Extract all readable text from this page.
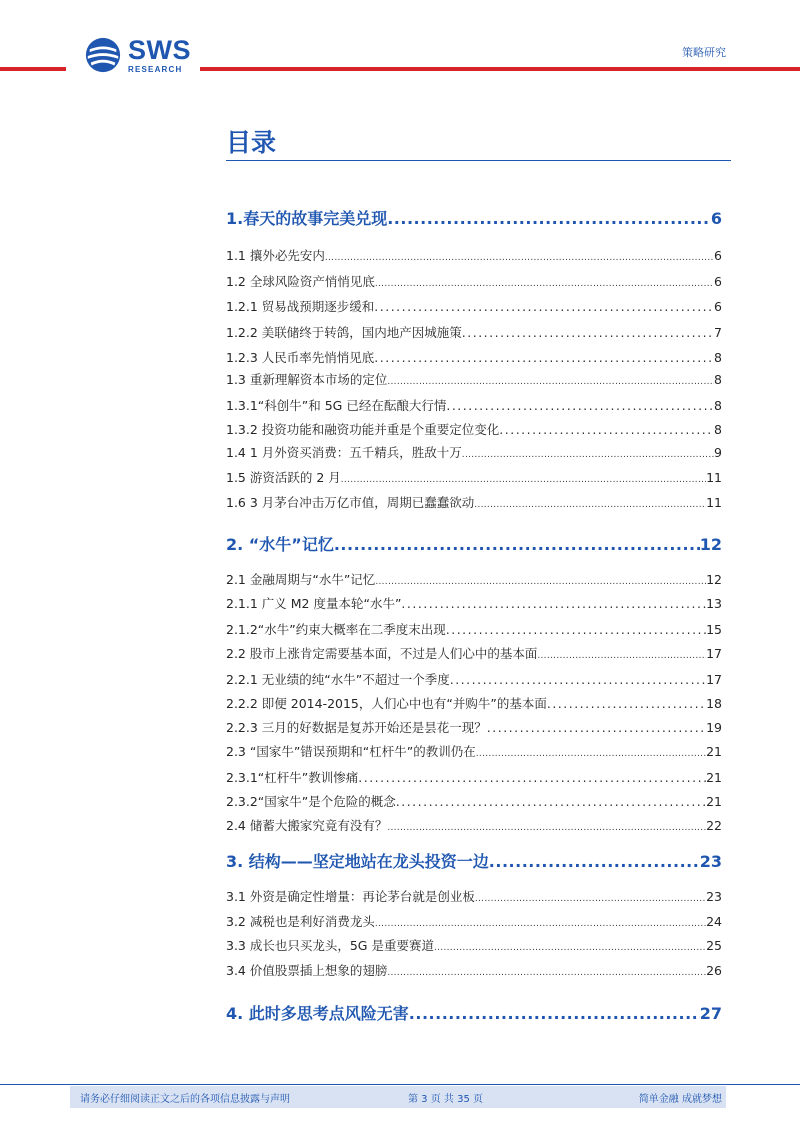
SWS
RESEARCH
策略研究
目录
1.春天的故事完美兑现 .....	6
1.1 攘外必先安内 .....	6
1.2 全球风险资产悄悄见底 .....	6
1.2.1 贸易战预期逐步缓和 .....	6
1.2.2 美联储终于转鸽，国内地产因城施策 .....	7
1.2.3 人民币率先悄悄见底 .....	8
1.3 重新理解资本市场的定位 .....	8
1.3.1“科创牛”和 5G 已经在酝酿大行情 .....	8
1.3.2 投资功能和融资功能并重是个重要定位变化 .....	8
1.4 1 月外资买消费：五千精兵，胜敌十万 .....	9
1.5 游资活跃的 2 月 .....	11
1.6 3 月茅台冲击万亿市值，周期已蠢蠢欲动 .....	11
2. “水牛”记忆 .....	12
2.1 金融周期与“水牛”记忆 .....	12
2.1.1 广义 M2 度量本轮“水牛” .....	13
2.1.2“水牛”约束大概率在二季度末出现 .....	15
2.2 股市上涨肯定需要基本面，不过是人们心中的基本面 .....	17
2.2.1 无业绩的纯“水牛”不超过一个季度 .....	17
2.2.2 即便 2014-2015，人们心中也有“并购牛”的基本面 .....	18
2.2.3 三月的好数据是复苏开始还是昙花一现？ .....	19
2.3 “国家牛”错误预期和“杠杆牛”的教训仍在 .....	21
2.3.1“杠杆牛”教训惨痛 .....	21
2.3.2“国家牛”是个危险的概念 .....	21
2.4 储蓄大搬家究竟有没有？ .....	22
3. 结构——坚定地站在龙头投资一边 .....	23
3.1 外资是确定性增量：再论茅台就是创业板 .....	23
3.2 减税也是利好消费龙头 .....	24
3.3 成长也只买龙头，5G 是重要赛道 .....	25
3.4 价值股票插上想象的翅膀 .....	26
4. 此时多思考点风险无害 .....	27
请务必仔细阅读正文之后的各项信息披露与声明	第 3 页 共 35 页	简单金融 成就梦想
